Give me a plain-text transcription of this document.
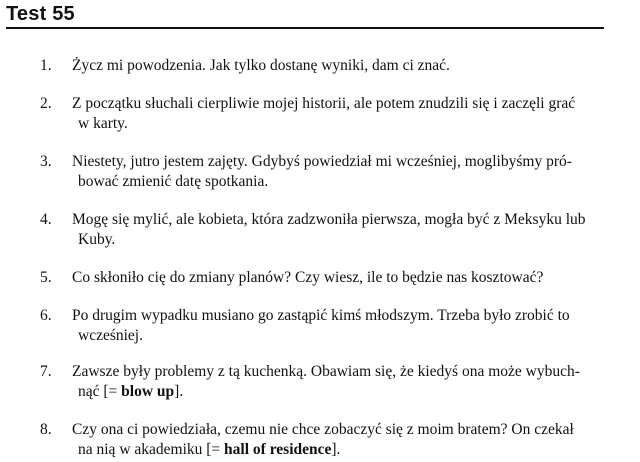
Test 55
1.	Życz mi powodzenia. Jak tylko dostanę wyniki, dam ci znać.
2.	Z początku słuchali cierpliwie mojej historii, ale potem znudzili się i zaczęli grać
w karty.
3.	Niestety, jutro jestem zajęty. Gdybyś powiedział mi wcześniej, moglibyśmy pró-
bować zmienić datę spotkania.
4.	Mogę się mylić, ale kobieta, która zadzwoniła pierwsza, mogła być z Meksyku lub
Kuby.
5.	Co skłoniło cię do zmiany planów? Czy wiesz, ile to będzie nas kosztować?
6.	Po drugim wypadku musiano go zastąpić kimś młodszym. Trzeba było zrobić to
wcześniej.
7.	Zawsze były problemy z tą kuchenką. Obawiam się, że kiedyś ona może wybuch-
nąć [= blow up].
8.	Czy ona ci powiedziała, czemu nie chce zobaczyć się z moim bratem? On czekał
na nią w akademiku [= hall of residence].
